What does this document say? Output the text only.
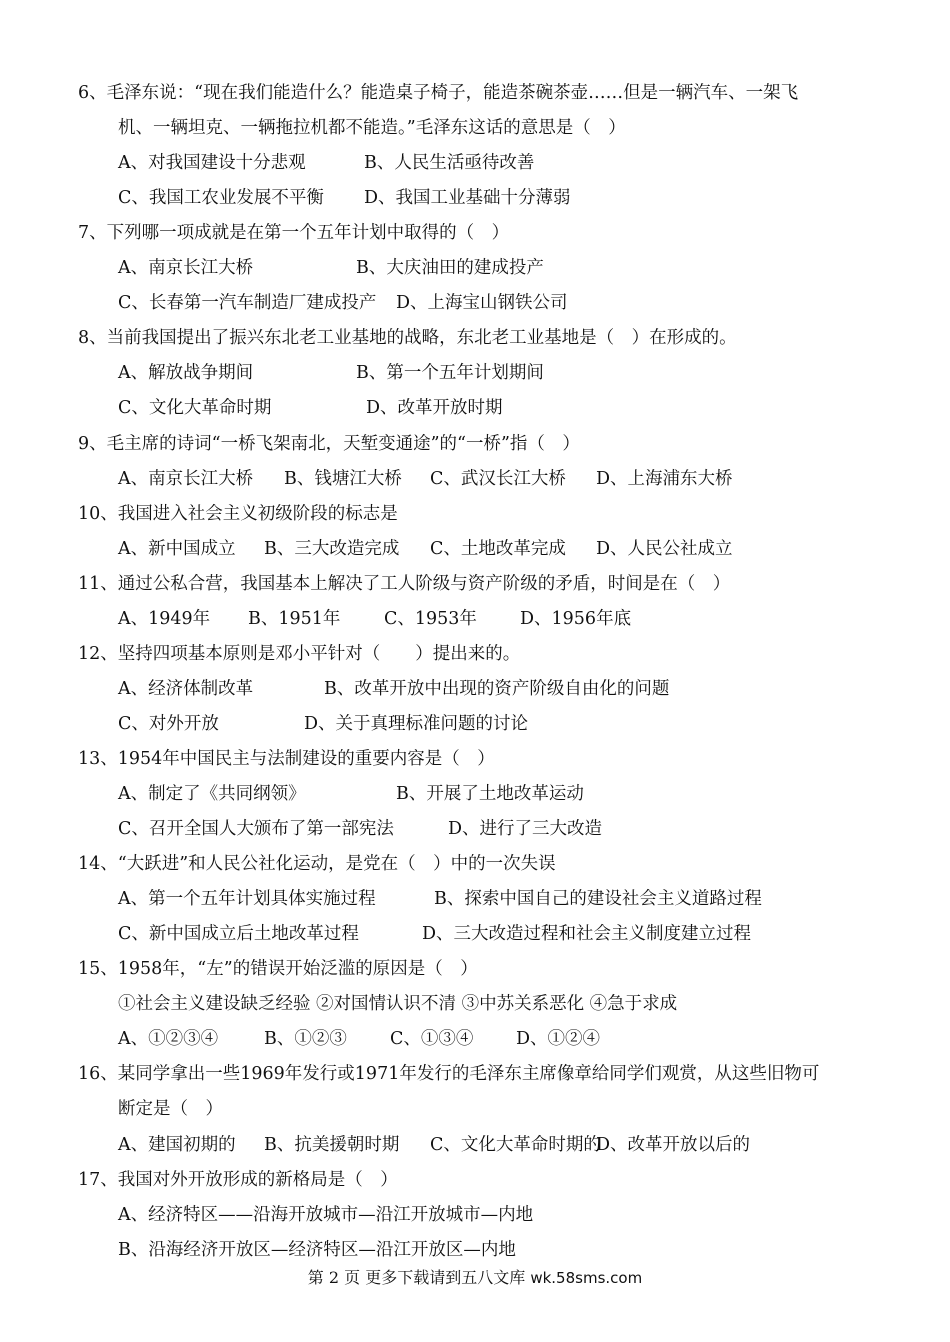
6、毛泽东说：“现在我们能造什么？能造桌子椅子，能造茶碗茶壶……但是一辆汽车、一架飞
机、一辆坦克、一辆拖拉机都不能造。”毛泽东这话的意思是（　）
A、对我国建设十分悲观	B、人民生活亟待改善
C、我国工农业发展不平衡 D、我国工业基础十分薄弱
7、下列哪一项成就是在第一个五年计划中取得的（　）
A、南京长江大桥	B、大庆油田的建成投产
C、长春第一汽车制造厂建成投产 D、上海宝山钢铁公司
8、当前我国提出了振兴东北老工业基地的战略，东北老工业基地是（　）在形成的。
A、解放战争期间	B、第一个五年计划期间
C、文化大革命时期	D、改革开放时期
9、毛主席的诗词“一桥飞架南北，天堑变通途”的“一桥”指（　）
A、南京长江大桥 B、钱塘江大桥 C、武汉长江大桥 D、上海浦东大桥
10、我国进入社会主义初级阶段的标志是
A、新中国成立 B、三大改造完成 C、土地改革完成 D、人民公社成立
11、通过公私合营，我国基本上解决了工人阶级与资产阶级的矛盾，时间是在（　）
A、1949年 B、1951年 C、1953年 D、1956年底
12、坚持四项基本原则是邓小平针对（　　）提出来的。
A、经济体制改革	B、改革开放中出现的资产阶级自由化的问题
C、对外开放	D、关于真理标准问题的讨论
13、1954年中国民主与法制建设的重要内容是（　）
A、制定了《共同纲领》	B、开展了土地改革运动
C、召开全国人大颁布了第一部宪法	D、进行了三大改造
14、“大跃进”和人民公社化运动，是党在（　）中的一次失误
A、第一个五年计划具体实施过程	B、探索中国自己的建设社会主义道路过程
C、新中国成立后土地改革过程	D、三大改造过程和社会主义制度建立过程
15、1958年，“左”的错误开始泛滥的原因是（　）
①社会主义建设缺乏经验 ②对国情认识不清 ③中苏关系恶化 ④急于求成
A、①②③④	B、①②③ C、①③④ D、①②④
16、某同学拿出一些1969年发行或1971年发行的毛泽东主席像章给同学们观赏，从这些旧物可
断定是（　）
A、建国初期的 B、抗美援朝时期 C、文化大革命时期的
D、改革开放以后的
17、我国对外开放形成的新格局是（　）
A、经济特区——沿海开放城市—沿江开放城市—内地
B、沿海经济开放区—经济特区—沿江开放区—内地
第 2 页 更多下载请到五八文库 wk.58sms.com
